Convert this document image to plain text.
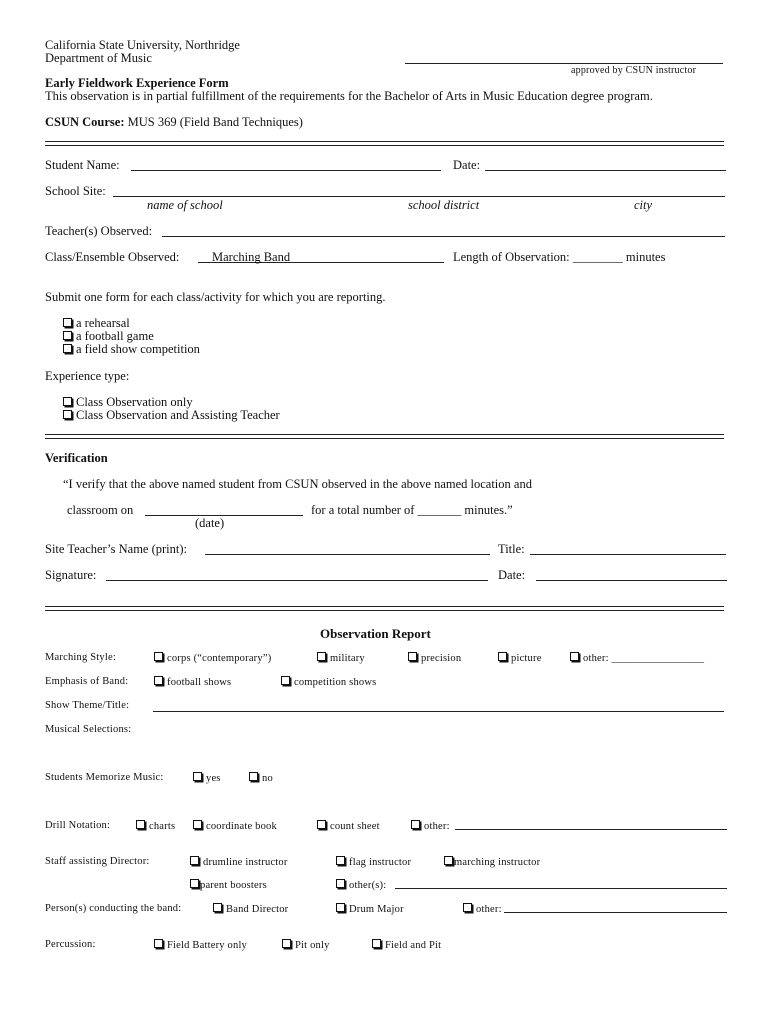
California State University, Northridge
Department of Music
approved by CSUN instructor
Early Fieldwork Experience Form
This observation is in partial fulfillment of the requirements for the Bachelor of Arts in Music Education degree program.
CSUN Course: MUS 369 (Field Band Techniques)
Student Name:	Date:
School Site:
name of school	school district	city
Teacher(s) Observed:
Class/Ensemble Observed:	Marching Band	Length of Observation: ________ minutes
Submit one form for each class/activity for which you are reporting.
a rehearsal
a football game
a field show competition
Experience type:
Class Observation only
Class Observation and Assisting Teacher
Verification
“I verify that the above named student from CSUN observed in the above named location and
classroom on	for a total number of _______ minutes.”
(date)
Site Teacher’s Name (print):	Title:
Signature:	Date:
Observation Report
Marching Style:	corps (“contemporary”)	military	precision	picture	other: _________________
Emphasis of Band:	football shows	competition shows
Show Theme/Title:
Musical Selections:
Students Memorize Music:	yes	no
Drill Notation:	charts	coordinate book	count sheet	other:
Staff assisting Director:	drumline instructor	flag instructor	marching instructor
parent boosters	other(s):
Person(s) conducting the band:	Band Director	Drum Major	other:
Percussion:	Field Battery only	Pit only	Field and Pit
